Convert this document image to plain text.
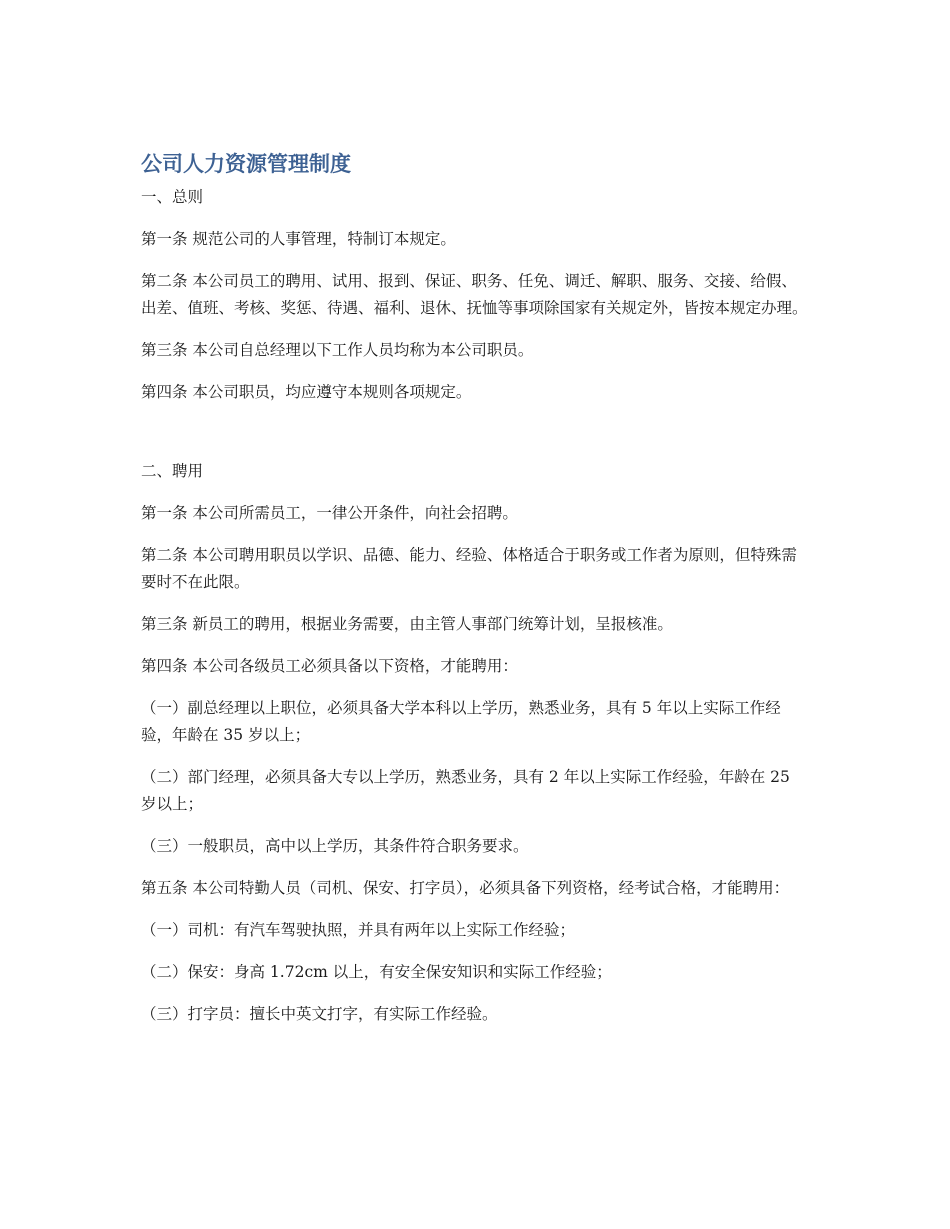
公司人力资源管理制度

一、总则

第一条 规范公司的人事管理，特制订本规定。

第二条 本公司员工的聘用、试用、报到、保证、职务、任免、调迁、解职、服务、交接、给假、出差、值班、考核、奖惩、待遇、福利、退休、抚恤等事项除国家有关规定外，皆按本规定办理。

第三条 本公司自总经理以下工作人员均称为本公司职员。

第四条 本公司职员，均应遵守本规则各项规定。

二、聘用

第一条 本公司所需员工，一律公开条件，向社会招聘。

第二条 本公司聘用职员以学识、品德、能力、经验、体格适合于职务或工作者为原则，但特殊需要时不在此限。

第三条 新员工的聘用，根据业务需要，由主管人事部门统筹计划，呈报核准。

第四条 本公司各级员工必须具备以下资格，才能聘用：

（一）副总经理以上职位，必须具备大学本科以上学历，熟悉业务，具有 5 年以上实际工作经验，年龄在 35 岁以上；

（二）部门经理，必须具备大专以上学历，熟悉业务，具有 2 年以上实际工作经验，年龄在 25 岁以上；

（三）一般职员，高中以上学历，其条件符合职务要求。

第五条 本公司特勤人员（司机、保安、打字员），必须具备下列资格，经考试合格，才能聘用：

（一）司机：有汽车驾驶执照，并具有两年以上实际工作经验；

（二）保安：身高 1.72cm 以上，有安全保安知识和实际工作经验；

（三）打字员：擅长中英文打字，有实际工作经验。
